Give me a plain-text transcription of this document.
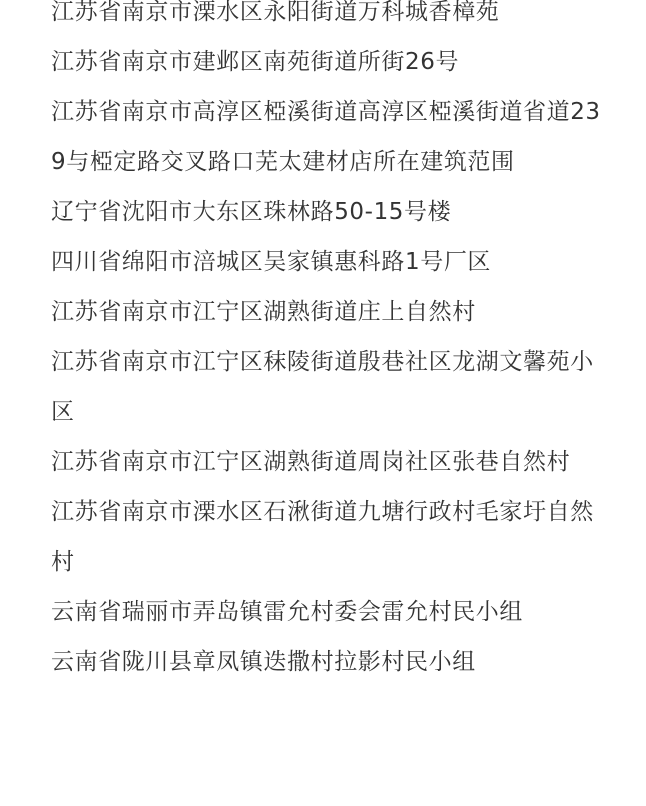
江苏省南京市溧水区永阳街道万科城香樟苑
江苏省南京市建邺区南苑街道所街26号
江苏省南京市高淳区椏溪街道高淳区椏溪街道省道239与椏定路交叉路口芜太建材店所在建筑范围
辽宁省沈阳市大东区珠林路50-15号楼
四川省绵阳市涪城区吴家镇惠科路1号厂区
江苏省南京市江宁区湖熟街道庄上自然村
江苏省南京市江宁区秣陵街道殷巷社区龙湖文馨苑小区
江苏省南京市江宁区湖熟街道周岗社区张巷自然村
江苏省南京市溧水区石湫街道九塘行政村毛家圩自然村
云南省瑞丽市弄岛镇雷允村委会雷允村民小组
云南省陇川县章凤镇迭撒村拉影村民小组
